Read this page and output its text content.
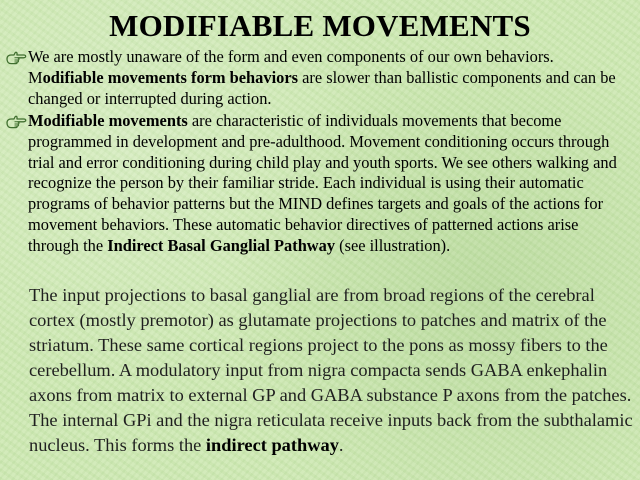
MODIFIABLE MOVEMENTS

We are mostly unaware of the form and even components of our own behaviors. Modifiable movements form behaviors are slower than ballistic components and can be changed or interrupted during action.

Modifiable movements are characteristic of individuals movements that become programmed in development and pre-adulthood. Movement conditioning occurs through trial and error conditioning during child play and youth sports. We see others walking and recognize the person by their familiar stride. Each individual is using their automatic programs of behavior patterns but the MIND defines targets and goals of the actions for movement behaviors. These automatic behavior directives of patterned actions arise through the Indirect Basal Ganglial Pathway (see illustration).

The input projections to basal ganglial are from broad regions of the cerebral cortex (mostly premotor) as glutamate projections to patches and matrix of the striatum. These same cortical regions project to the pons as mossy fibers to the cerebellum. A modulatory input from nigra compacta sends GABA enkephalin axons from matrix to external GP and GABA substance P axons from the patches. The internal GPi and the nigra reticulata receive inputs back from the subthalamic nucleus. This forms the indirect pathway.
